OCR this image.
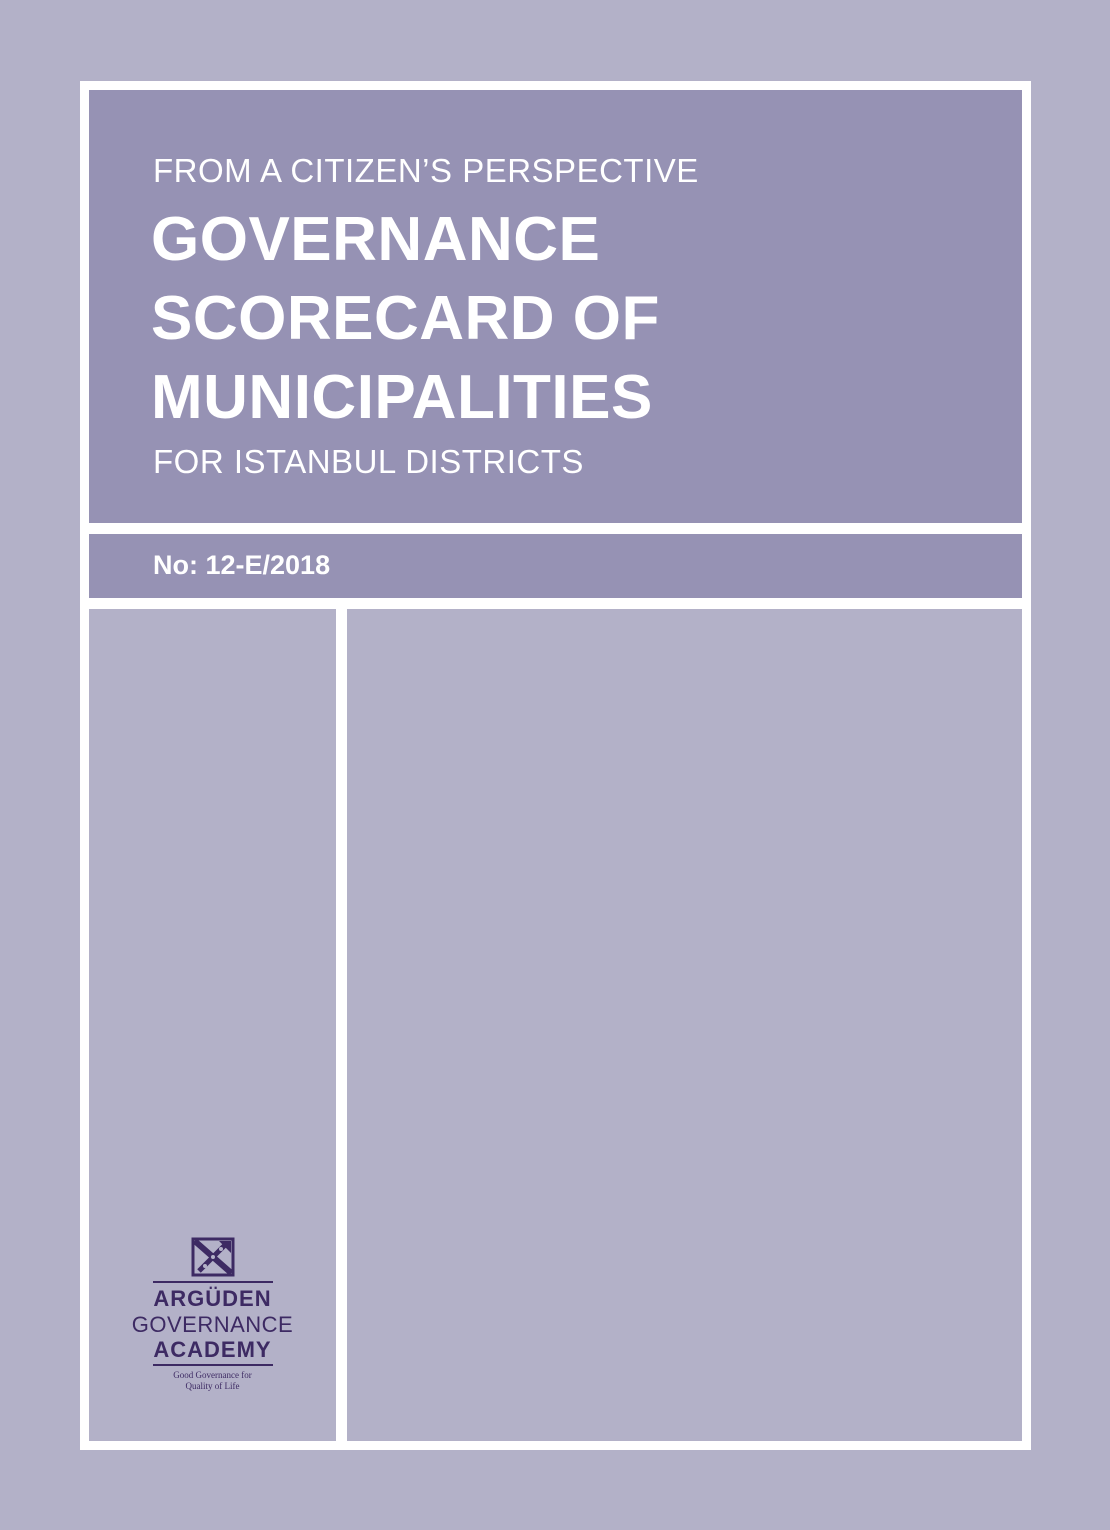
FROM A CITIZEN’S PERSPECTIVE
GOVERNANCE
SCORECARD OF
MUNICIPALITIES
FOR ISTANBUL DISTRICTS
No: 12-E/2018
ARGÜDEN
GOVERNANCE
ACADEMY
Good Governance for
Quality of Life
